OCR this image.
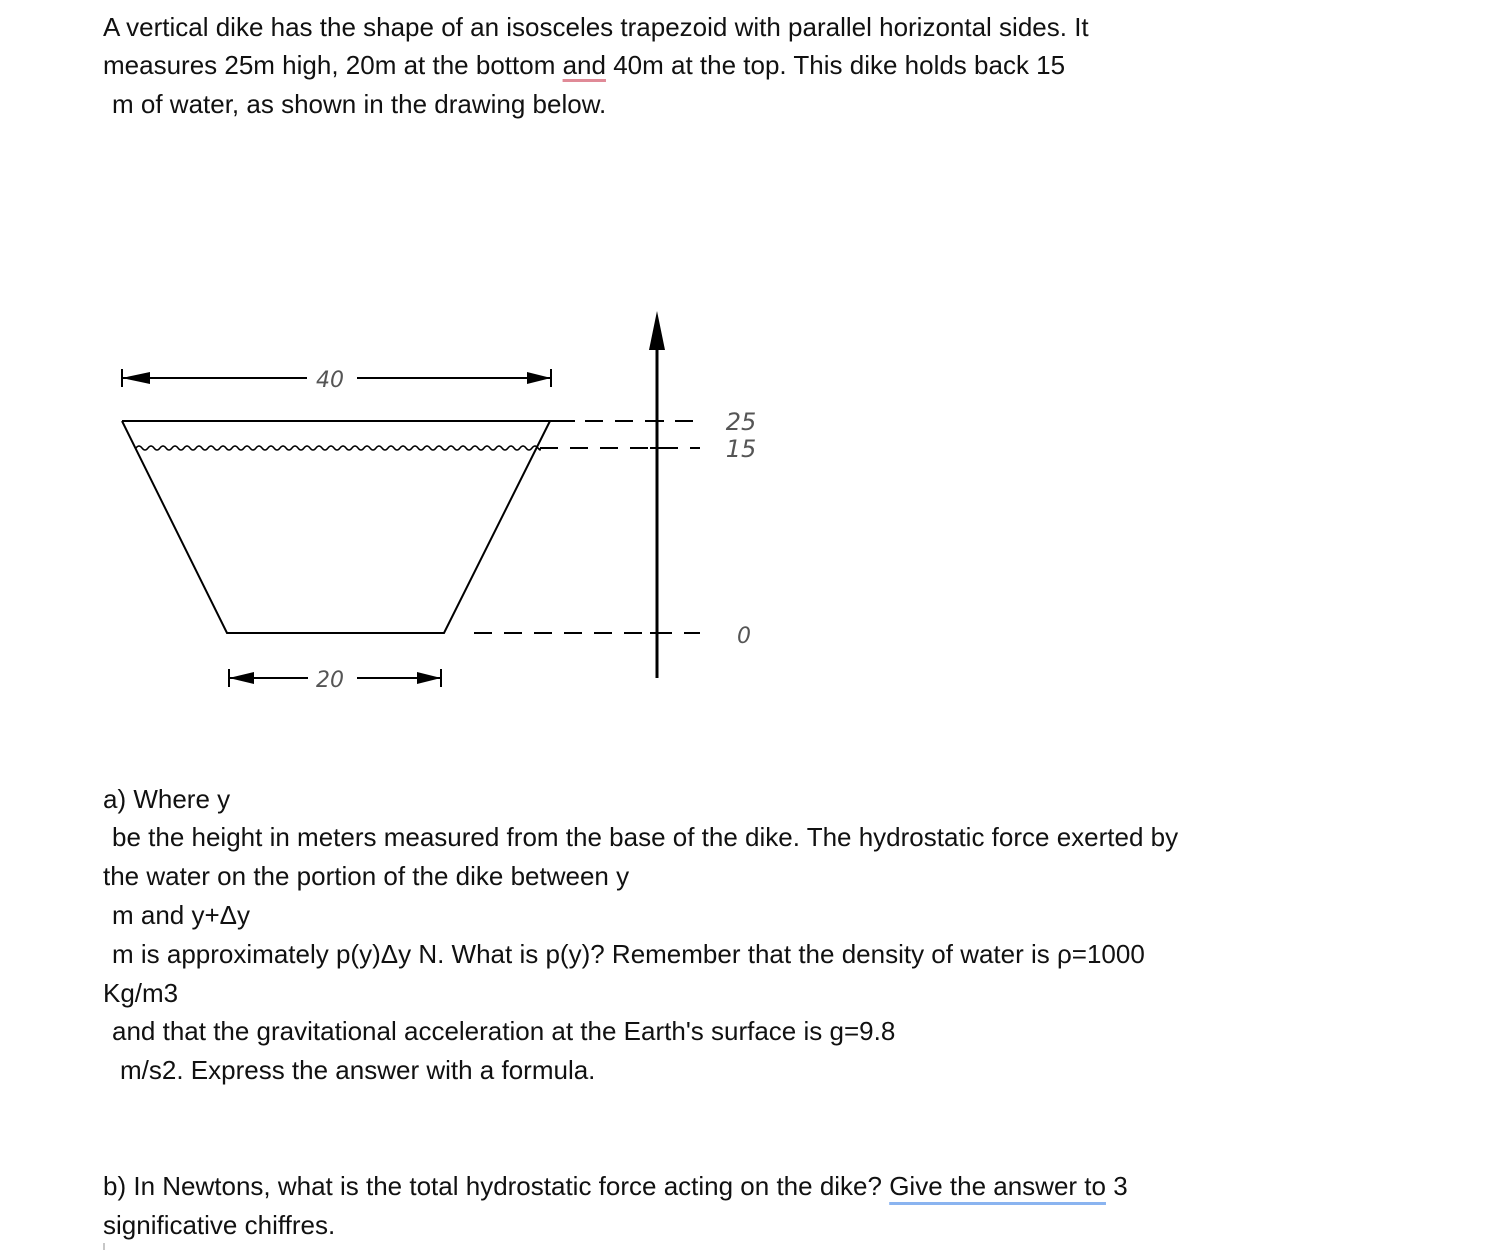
A vertical dike has the shape of an isosceles trapezoid with parallel horizontal sides. It

measures 25m high, 20m at the bottom and 40m at the top. This dike holds back 15

m of water, as shown in the drawing below.

40
25
15
0
20

a) Where y

be the height in meters measured from the base of the dike. The hydrostatic force exerted by

the water on the portion of the dike between y

m and y+Δy

m is approximately p(y)Δy N. What is p(y)? Remember that the density of water is ρ=1000

Kg/m3

and that the gravitational acceleration at the Earth's surface is g=9.8

m/s2. Express the answer with a formula.

b) In Newtons, what is the total hydrostatic force acting on the dike? Give the answer to 3

significative chiffres.
